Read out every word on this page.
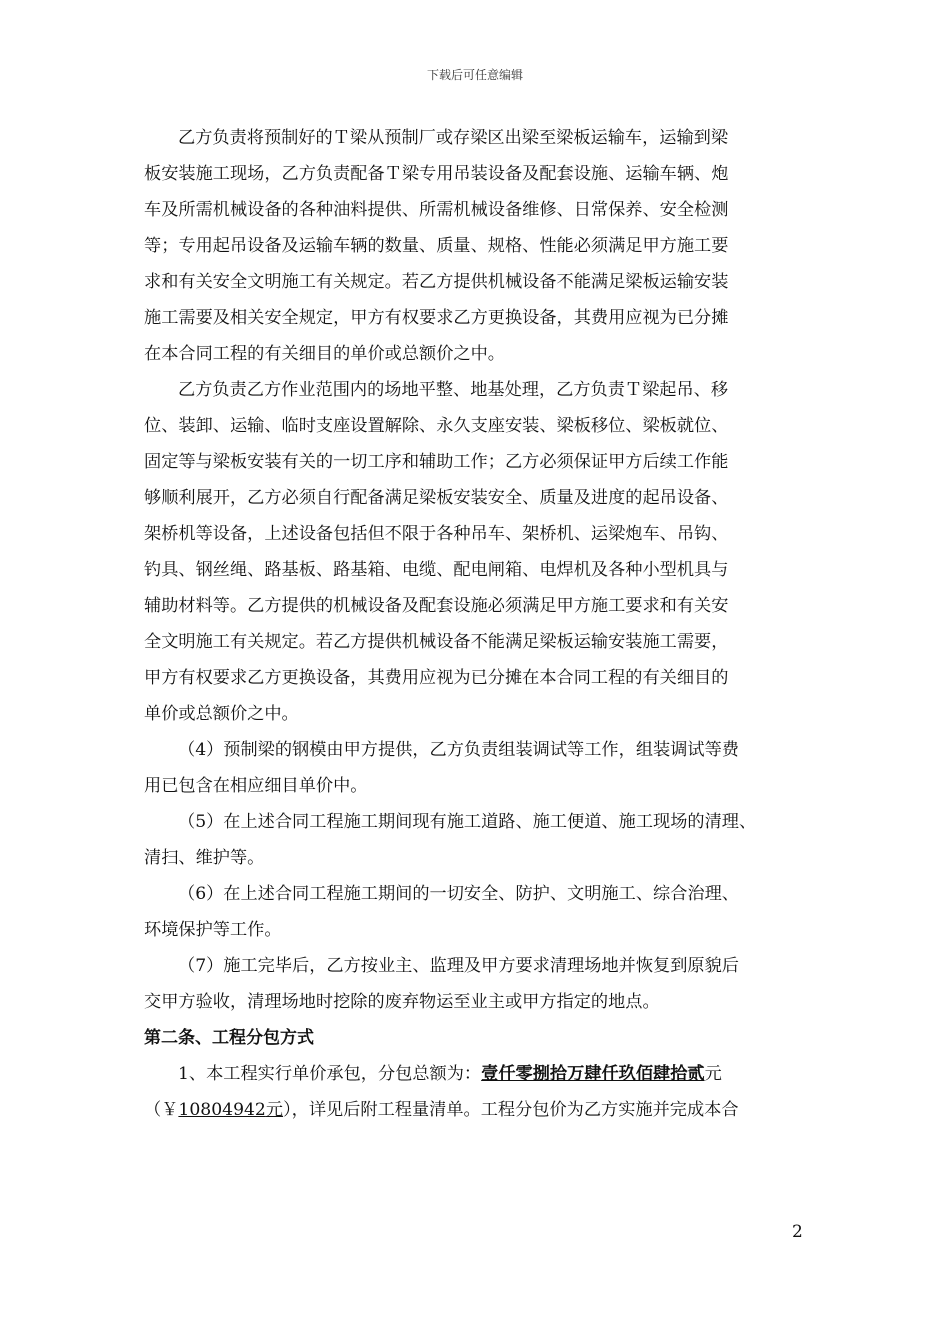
下载后可任意编辑
乙方负责将预制好的Ｔ梁从预制厂或存梁区出梁至梁板运输车，运输到梁
板安装施工现场，乙方负责配备Ｔ梁专用吊装设备及配套设施、运输车辆、炮
车及所需机械设备的各种油料提供、所需机械设备维修、日常保养、安全检测
等；专用起吊设备及运输车辆的数量、质量、规格、性能必须满足甲方施工要
求和有关安全文明施工有关规定。若乙方提供机械设备不能满足梁板运输安装
施工需要及相关安全规定，甲方有权要求乙方更换设备，其费用应视为已分摊
在本合同工程的有关细目的单价或总额价之中。
乙方负责乙方作业范围内的场地平整、地基处理，乙方负责Ｔ梁起吊、移
位、装卸、运输、临时支座设置解除、永久支座安装、梁板移位、梁板就位、
固定等与梁板安装有关的一切工序和辅助工作；乙方必须保证甲方后续工作能
够顺利展开，乙方必须自行配备满足梁板安装安全、质量及进度的起吊设备、
架桥机等设备，上述设备包括但不限于各种吊车、架桥机、运梁炮车、吊钩、
钓具、钢丝绳、路基板、路基箱、电缆、配电闸箱、电焊机及各种小型机具与
辅助材料等。乙方提供的机械设备及配套设施必须满足甲方施工要求和有关安
全文明施工有关规定。若乙方提供机械设备不能满足梁板运输安装施工需要，
甲方有权要求乙方更换设备，其费用应视为已分摊在本合同工程的有关细目的
单价或总额价之中。
（4）预制梁的钢模由甲方提供，乙方负责组装调试等工作，组装调试等费
用已包含在相应细目单价中。
（5）在上述合同工程施工期间现有施工道路、施工便道、施工现场的清理、
清扫、维护等。
（6）在上述合同工程施工期间的一切安全、防护、文明施工、综合治理、
环境保护等工作。
（7）施工完毕后，乙方按业主、监理及甲方要求清理场地并恢复到原貌后
交甲方验收，清理场地时挖除的废弃物运至业主或甲方指定的地点。
第二条、工程分包方式
1、本工程实行单价承包，分包总额为：壹仟零捌拾万肆仟玖佰肆拾贰元
（￥10804942元），详见后附工程量清单。工程分包价为乙方实施并完成本合
2
